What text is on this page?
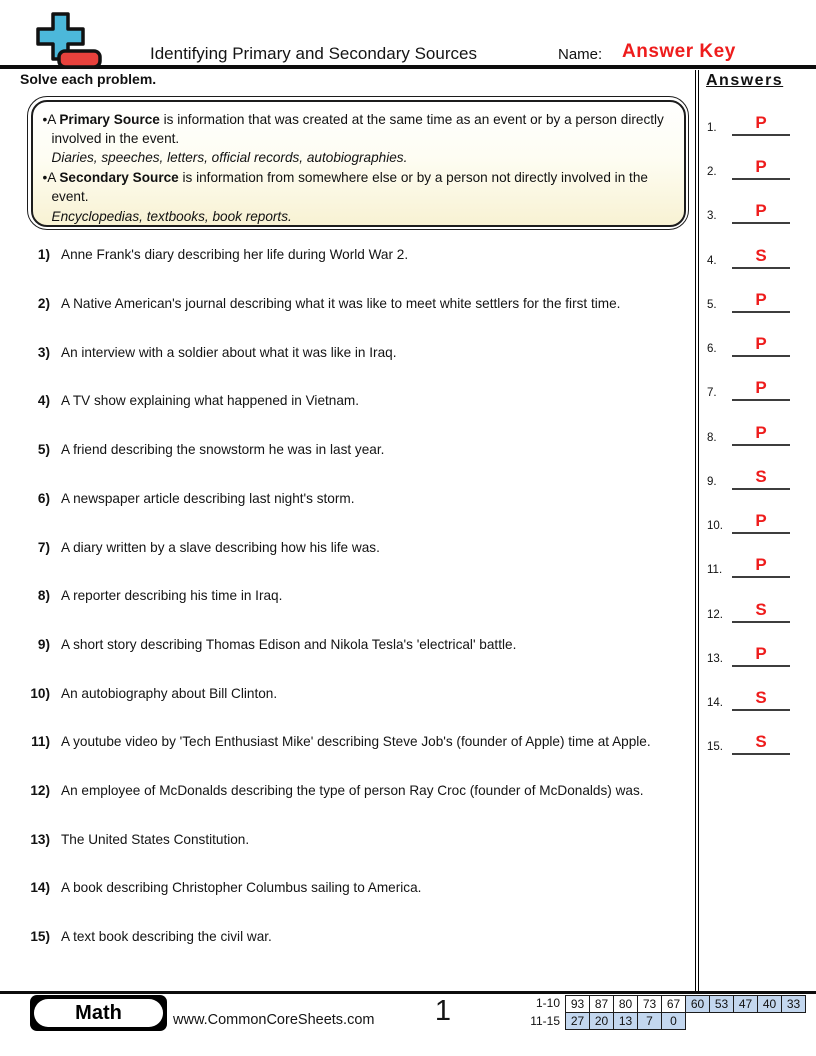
Identifying Primary and Secondary Sources	Name: Answer Key
Solve each problem.

•A Primary Source is information that was created at the same time as an event or by a person directly involved in the event.

Diaries, speeches, letters, official records, autobiographies.

•A Secondary Source is information from somewhere else or by a person not directly involved in the event.

Encyclopedias, textbooks, book reports.

1) Anne Frank's diary describing her life during World War 2.
2) A Native American's journal describing what it was like to meet white settlers for the first time.
3) An interview with a soldier about what it was like in Iraq.
4) A TV show explaining what happened in Vietnam.
5) A friend describing the snowstorm he was in last year.
6) A newspaper article describing last night's storm.
7) A diary written by a slave describing how his life was.
8) A reporter describing his time in Iraq.
9) A short story describing Thomas Edison and Nikola Tesla's 'electrical' battle.
10) An autobiography about Bill Clinton.
11) A youtube video by 'Tech Enthusiast Mike' describing Steve Job's (founder of Apple) time at Apple.
12) An employee of McDonalds describing the type of person Ray Croc (founder of McDonalds) was.
13) The United States Constitution.
14) A book describing Christopher Columbus sailing to America.
15) A text book describing the civil war.
Answers
1.	P
2.	P
3.	P
4.	S
5.	P
6.	P
7.	P
8.	P
9.	S
10.	P
11.	P
12.	S
13.	P
14.	S
15.	S
Math	www.CommonCoreSheets.com	1	1-10 93 87 80 73 67 60 53 47 40 33
11-15 27 20 13	7	0
